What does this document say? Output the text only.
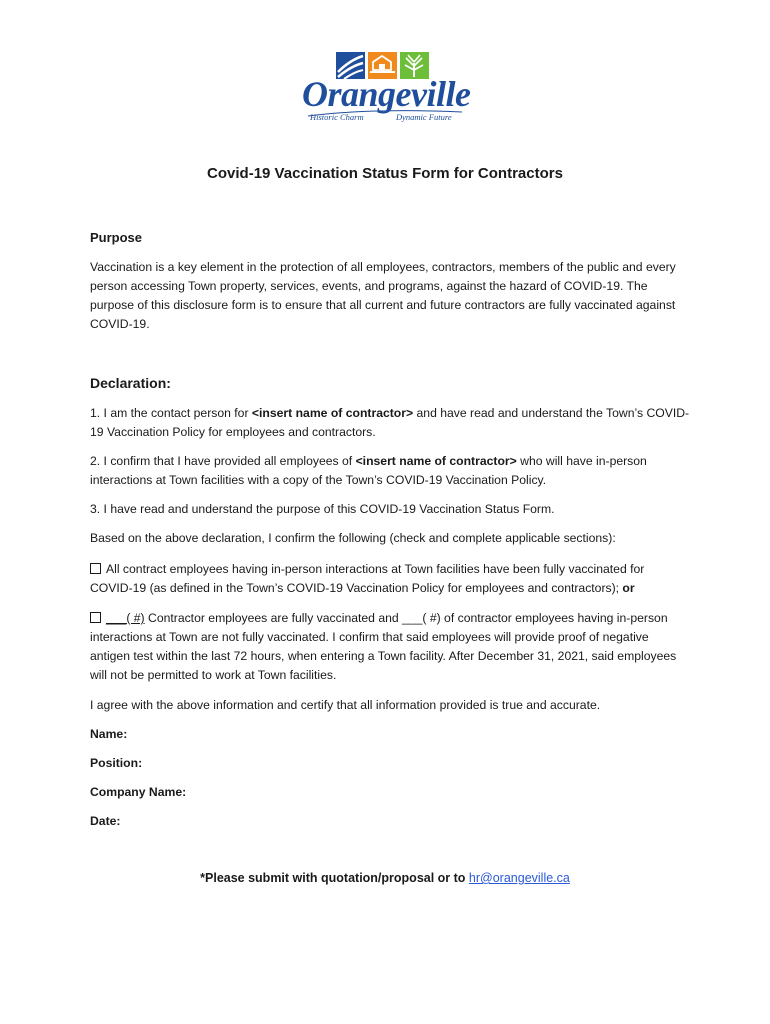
Orangeville
Historic Charm	Dynamic Future
Covid-19 Vaccination Status Form for Contractors
Purpose
Vaccination is a key element in the protection of all employees, contractors, members of the public and every person accessing Town property, services, events, and programs, against the hazard of COVID-19. The purpose of this disclosure form is to ensure that all current and future contractors are fully vaccinated against COVID-19.
Declaration:
1. I am the contact person for <insert name of contractor> and have read and understand the Town’s COVID-19 Vaccination Policy for employees and contractors.
2. I confirm that I have provided all employees of <insert name of contractor> who will have in-person interactions at Town facilities with a copy of the Town’s COVID-19 Vaccination Policy.
3. I have read and understand the purpose of this COVID-19 Vaccination Status Form.
Based on the above declaration, I confirm the following (check and complete applicable sections):
All contract employees having in-person interactions at Town facilities have been fully vaccinated for COVID-19 (as defined in the Town’s COVID-19 Vaccination Policy for employees and contractors); or
___( #) Contractor employees are fully vaccinated and ___( #) of contractor employees having in-person interactions at Town are not fully vaccinated. I confirm that said employees will provide proof of negative antigen test within the last 72 hours, when entering a Town facility. After December 31, 2021, said employees will not be permitted to work at Town facilities.
I agree with the above information and certify that all information provided is true and accurate.
Name:
Position:
Company Name:
Date:
*Please submit with quotation/proposal or to hr@orangeville.ca
